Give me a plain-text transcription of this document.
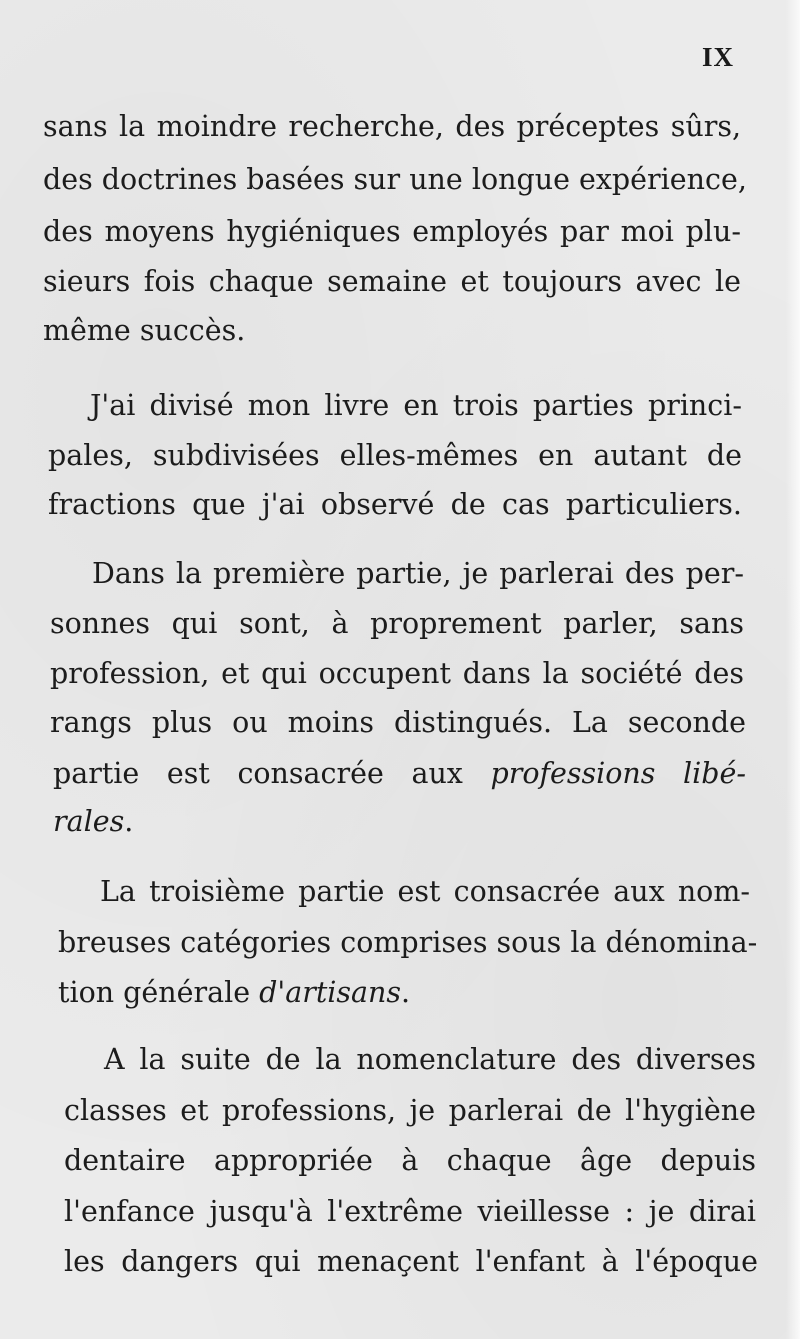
IX
sans la moindre recherche, des préceptes sûrs,
des doctrines basées sur une longue expérience,
des moyens hygiéniques employés par moi plu-
sieurs fois chaque semaine et toujours avec le
même succès.
J'ai divisé mon livre en trois parties princi-
pales, subdivisées elles-mêmes en autant de
fractions que j'ai observé de cas particuliers.
Dans la première partie, je parlerai des per-
sonnes qui sont, à proprement parler, sans
profession, et qui occupent dans la société des
rangs plus ou moins distingués. La seconde
partie est consacrée aux professions libé-
rales.
La troisième partie est consacrée aux nom-
breuses catégories comprises sous la dénomina-
tion générale d'artisans.
A la suite de la nomenclature des diverses
classes et professions, je parlerai de l'hygiène
dentaire appropriée à chaque âge depuis
l'enfance jusqu'à l'extrême vieillesse : je dirai
les dangers qui menaçent l'enfant à l'époque
